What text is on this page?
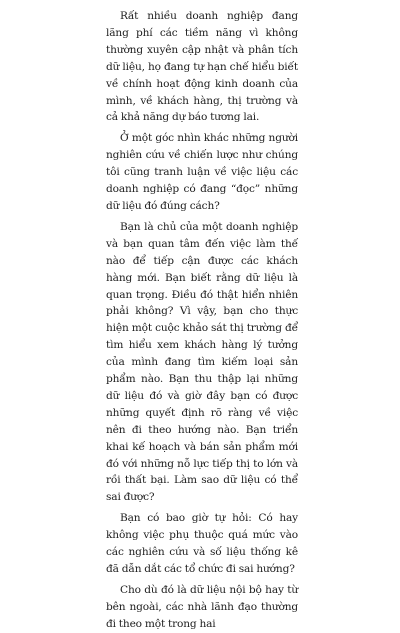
Rất nhiều doanh nghiệp đang lãng phí các tiềm năng vì không thường xuyên cập nhật và phân tích dữ liệu, họ đang tự hạn chế hiểu biết về chính hoạt động kinh doanh của mình, về khách hàng, thị trường và cả khả năng dự báo tương lai.

Ở một góc nhìn khác những người nghiên cứu về chiến lược như chúng tôi cũng tranh luận về việc liệu các doanh nghiệp có đang “đọc” những dữ liệu đó đúng cách?

Bạn là chủ của một doanh nghiệp và bạn quan tâm đến việc làm thế nào để tiếp cận được các khách hàng mới. Bạn biết rằng dữ liệu là quan trọng. Điều đó thật hiển nhiên phải không? Vì vậy, bạn cho thực hiện một cuộc khảo sát thị trường để tìm hiểu xem khách hàng lý tưởng của mình đang tìm kiếm loại sản phẩm nào. Bạn thu thập lại những dữ liệu đó và giờ đây bạn có được những quyết định rõ ràng về việc nên đi theo hướng nào. Bạn triển khai kế hoạch và bán sản phẩm mới đó với những nỗ lực tiếp thị to lớn và rồi thất bại. Làm sao dữ liệu có thể sai được?

Bạn có bao giờ tự hỏi: Có hay không việc phụ thuộc quá mức vào các nghiên cứu và số liệu thống kê đã dẫn dắt các tổ chức đi sai hướng?

Cho dù đó là dữ liệu nội bộ hay từ bên ngoài, các nhà lãnh đạo thường đi theo một trong hai
